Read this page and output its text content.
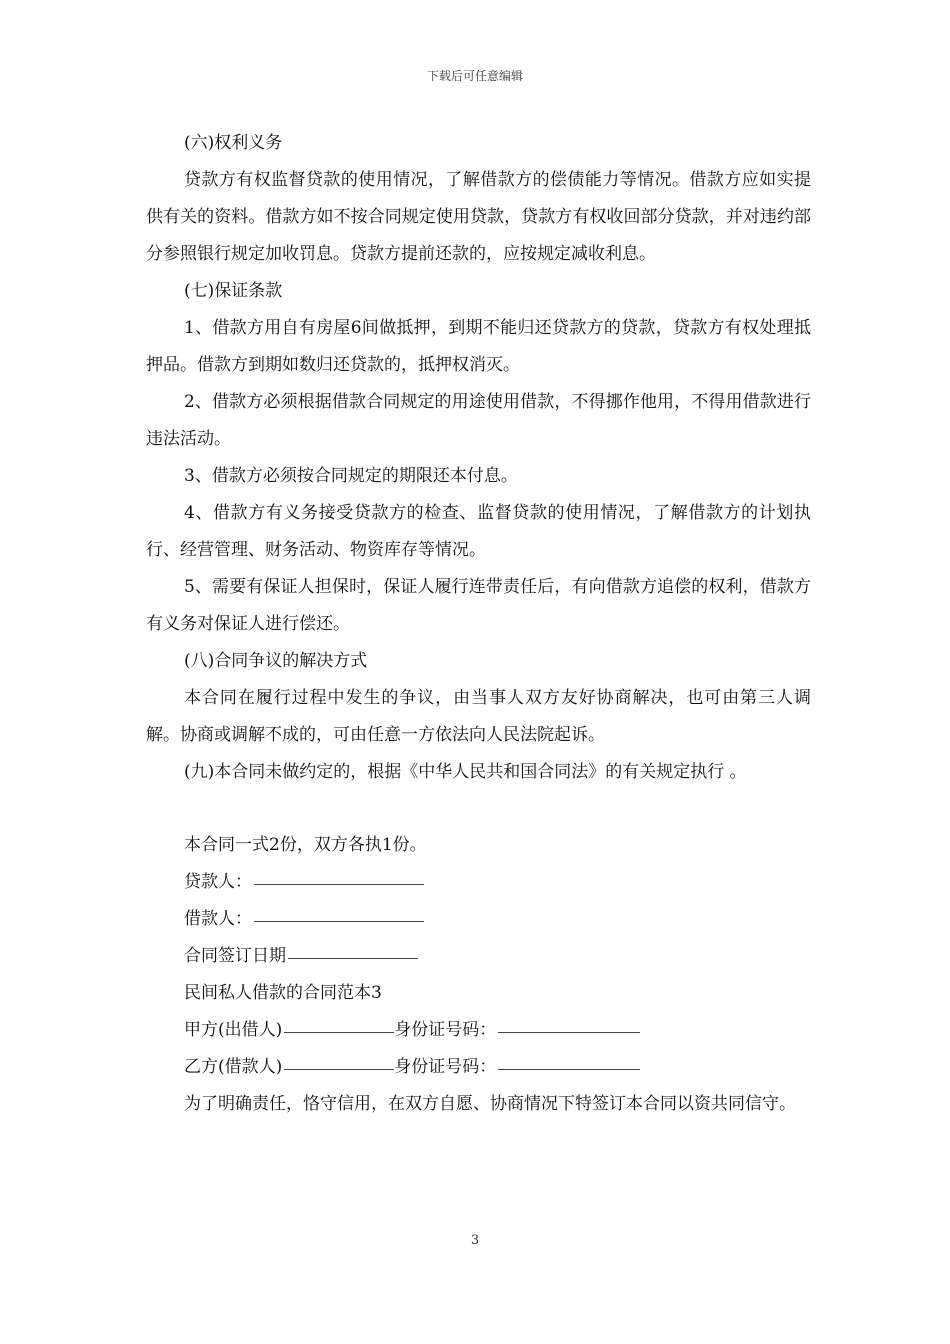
下载后可任意编辑

(六)权利义务

贷款方有权监督贷款的使用情况，了解借款方的偿债能力等情况。借款方应如实提供有关的资料。借款方如不按合同规定使用贷款，贷款方有权收回部分贷款，并对违约部分参照银行规定加收罚息。贷款方提前还款的，应按规定减收利息。

(七)保证条款

1、借款方用自有房屋6间做抵押，到期不能归还贷款方的贷款，贷款方有权处理抵押品。借款方到期如数归还贷款的，抵押权消灭。

2、借款方必须根据借款合同规定的用途使用借款，不得挪作他用，不得用借款进行违法活动。

3、借款方必须按合同规定的期限还本付息。

4、借款方有义务接受贷款方的检查、监督贷款的使用情况，了解借款方的计划执行、经营管理、财务活动、物资库存等情况。

5、需要有保证人担保时，保证人履行连带责任后，有向借款方追偿的权利，借款方有义务对保证人进行偿还。

(八)合同争议的解决方式

本合同在履行过程中发生的争议，由当事人双方友好协商解决，也可由第三人调解。协商或调解不成的，可由任意一方依法向人民法院起诉。

(九)本合同未做约定的，根据《中华人民共和国合同法》的有关规定执行 。

本合同一式2份，双方各执1份。

贷款人：

借款人：

合同签订日期

民间私人借款的合同范本3

甲方(出借人)	身份证号码：

乙方(借款人)	身份证号码：

为了明确责任，恪守信用，在双方自愿、协商情况下特签订本合同以资共同信守。

3
